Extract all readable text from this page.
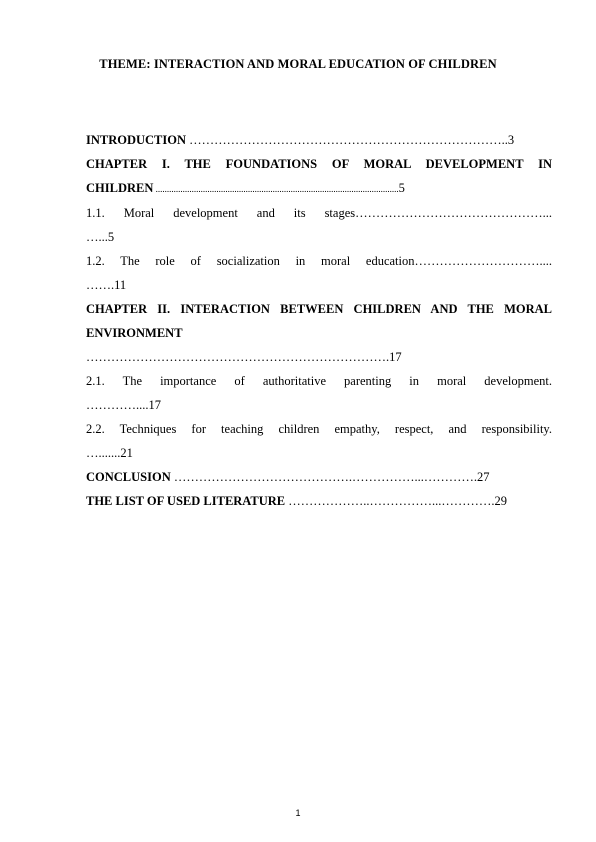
THEME: INTERACTION AND MORAL EDUCATION OF CHILDREN
INTRODUCTION …………………………………………………………………..3
CHAPTER I. THE FOUNDATIONS OF MORAL DEVELOPMENT IN
CHILDREN ............................................................................................................5
1.1. Moral development and its stages………………………………………...
…...5
1.2. The role of socialization in moral education…………………………....
…….11
CHAPTER II. INTERACTION BETWEEN CHILDREN AND THE MORAL
ENVIRONMENT
……………………………………………………………….17
2.1. The importance of authoritative parenting in moral development.
…………....17
2.2. Techniques for teaching children empathy, respect, and responsibility.
….......21
CONCLUSION …………………………………….……………...………….27
THE LIST OF USED LITERATURE ………………..……………...………….29
1
